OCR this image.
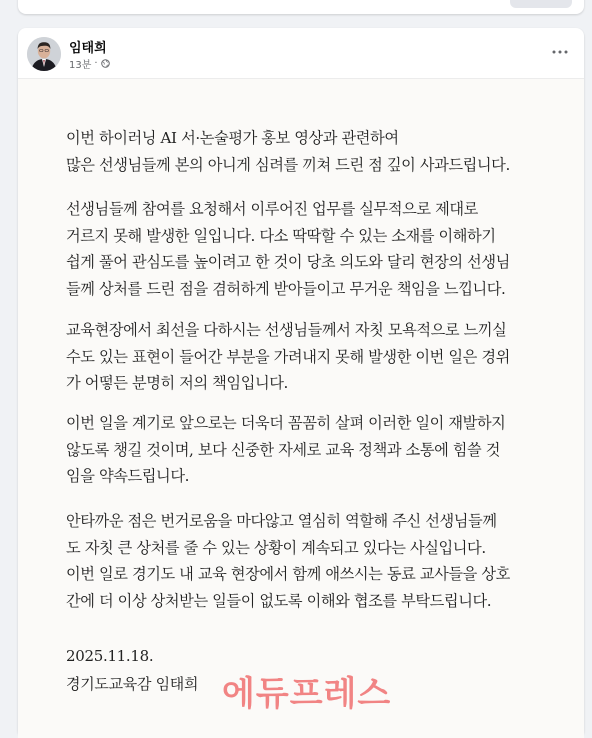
임태희
13분 ·
이번 하이러닝 AI 서·논술평가 홍보 영상과 관련하여
많은 선생님들께 본의 아니게 심려를 끼쳐 드린 점 깊이 사과드립니다.
선생님들께 참여를 요청해서 이루어진 업무를 실무적으로 제대로
거르지 못해 발생한 일입니다. 다소 딱딱할 수 있는 소재를 이해하기
쉽게 풀어 관심도를 높이려고 한 것이 당초 의도와 달리 현장의 선생님
들께 상처를 드린 점을 겸허하게 받아들이고 무거운 책임을 느낍니다.
교육현장에서 최선을 다하시는 선생님들께서 자칫 모욕적으로 느끼실
수도 있는 표현이 들어간 부분을 가려내지 못해 발생한 이번 일은 경위
가 어떻든 분명히 저의 책임입니다.
이번 일을 계기로 앞으로는 더욱더 꼼꼼히 살펴 이러한 일이 재발하지
않도록 챙길 것이며, 보다 신중한 자세로 교육 정책과 소통에 힘쓸 것
임을 약속드립니다.
안타까운 점은 번거로움을 마다않고 열심히 역할해 주신 선생님들께
도 자칫 큰 상처를 줄 수 있는 상황이 계속되고 있다는 사실입니다.
이번 일로 경기도 내 교육 현장에서 함께 애쓰시는 동료 교사들을 상호
간에 더 이상 상처받는 일들이 없도록 이해와 협조를 부탁드립니다.
2025.11.18.
경기도교육감 임태희 에듀프레스
